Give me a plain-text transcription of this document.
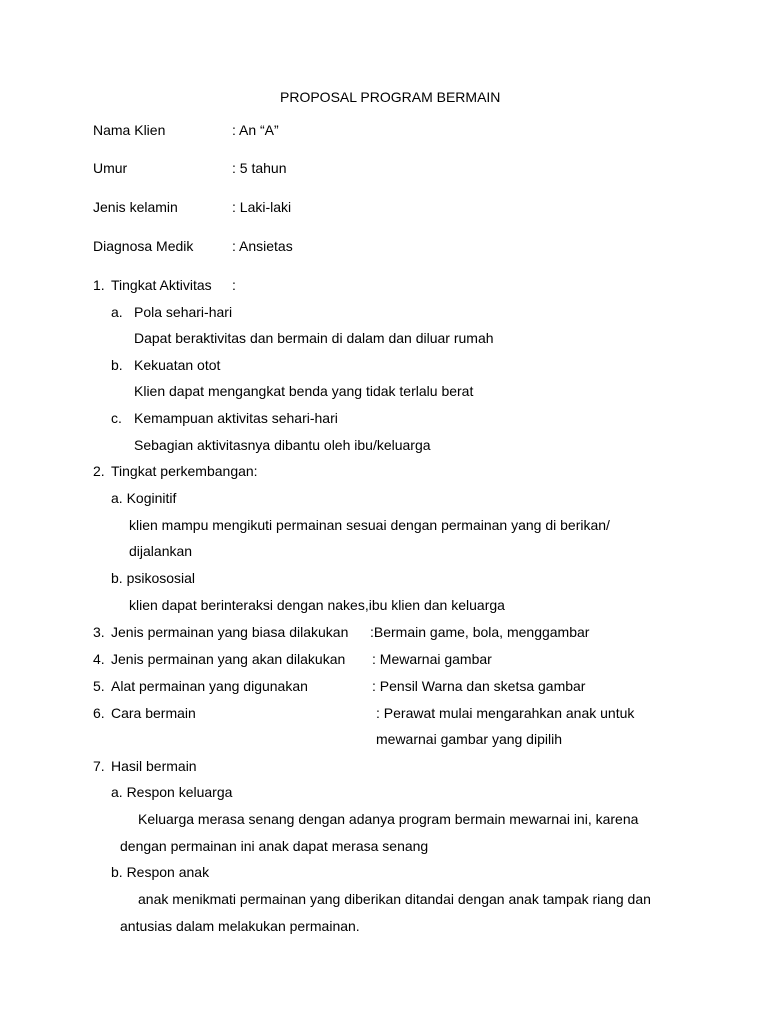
PROPOSAL PROGRAM BERMAIN
Nama Klien	: An “A”
Umur	: 5 tahun
Jenis kelamin	: Laki-laki
Diagnosa Medik	: Ansietas
1. Tingkat Aktivitas :
a. Pola sehari-hari
Dapat beraktivitas dan bermain di dalam dan diluar rumah
b. Kekuatan otot
Klien dapat mengangkat benda yang tidak terlalu berat
c. Kemampuan aktivitas sehari-hari
Sebagian aktivitasnya dibantu oleh ibu/keluarga
2. Tingkat perkembangan:
a. Koginitif
klien mampu mengikuti permainan sesuai dengan permainan yang di berikan/
dijalankan
b. psikososial
klien dapat berinteraksi dengan nakes,ibu klien dan keluarga
3. Jenis permainan yang biasa dilakukan :Bermain game, bola, menggambar
4. Jenis permainan yang akan dilakukan : Mewarnai gambar
5. Alat permainan yang digunakan	: Pensil Warna dan sketsa gambar
6. Cara bermain	: Perawat mulai mengarahkan anak untuk
mewarnai gambar yang dipilih
7. Hasil bermain
a. Respon keluarga
Keluarga merasa senang dengan adanya program bermain mewarnai ini, karena
dengan permainan ini anak dapat merasa senang
b. Respon anak
anak menikmati permainan yang diberikan ditandai dengan anak tampak riang dan
antusias dalam melakukan permainan.
